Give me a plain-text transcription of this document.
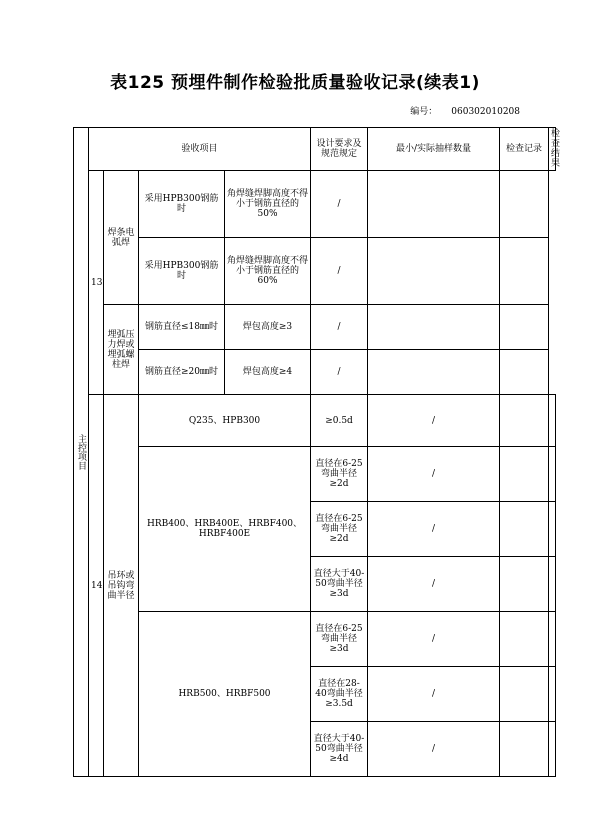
表125 预埋件制作检验批质量验收记录(续表1)
编号： 060302010208
主控项目	验收项目				设计要求及规范规定	最小/实际抽样数量	检查记录	检查结果
	13	焊条电弧焊	采用HPB300钢筋时	角焊缝焊脚高度不得小于钢筋直径的50%	/			
			采用HPB300钢筋时	角焊缝焊脚高度不得小于钢筋直径的60%	/			
		埋弧压力焊或埋弧螺柱焊	钢筋直径≤18㎜时	焊包高度≥3	/			
			钢筋直径≥20㎜时	焊包高度≥4	/			
	14	吊环或吊钩弯曲半径	Q235、HPB300		≥0.5d	/		
			HRB400、HRB400E、HRBF400、HRBF400E		直径在6-25弯曲半径≥2d	/		
					直径在6-25弯曲半径≥2d	/		
					直径大于40-50弯曲半径≥3d	/		
			HRB500、HRBF500		直径在6-25弯曲半径≥3d	/		
					直径在28-40弯曲半径≥3.5d	/		
					直径大于40-50弯曲半径≥4d	/		
